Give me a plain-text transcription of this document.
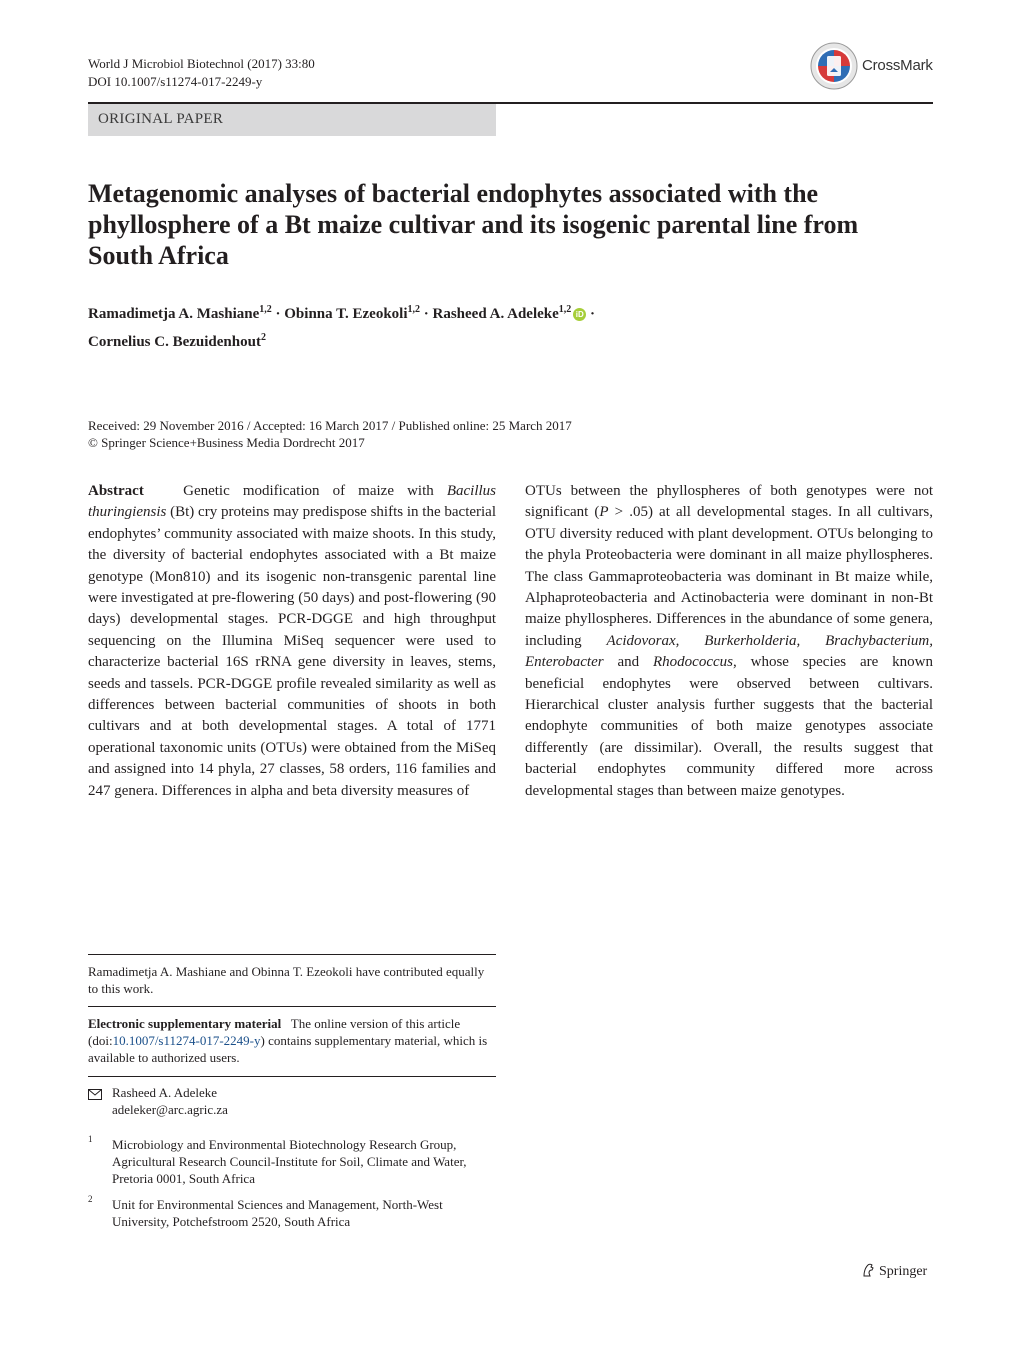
World J Microbiol Biotechnol (2017) 33:80
DOI 10.1007/s11274-017-2249-y
CrossMark
ORIGINAL PAPER
Metagenomic analyses of bacterial endophytes associated with the phyllosphere of a Bt maize cultivar and its isogenic parental line from South Africa
Ramadimetja A. Mashiane$^{1,2}$ · Obinna T. Ezeokoli$^{1,2}$ · Rasheed A. Adeleke$^{1,2}$ iD ·
Cornelius C. Bezuidenhout$^2$
Received: 29 November 2016 / Accepted: 16 March 2017 / Published online: 25 March 2017
© Springer Science+Business Media Dordrecht 2017
Abstract	Genetic modification of maize with Bacillus thuringiensis (Bt) cry proteins may predispose shifts in the bacterial endophytes’ community associated with maize shoots. In this study, the diversity of bacterial endophytes associated with a Bt maize genotype (Mon810) and its isogenic non-transgenic parental line were investigated at pre-flowering (50 days) and post-flowering (90 days) developmental stages. PCR-DGGE and high throughput sequencing on the Illumina MiSeq sequencer were used to characterize bacterial 16S rRNA gene diversity in leaves, stems, seeds and tassels. PCR-DGGE profile revealed similarity as well as differences between bacterial communities of shoots in both cultivars and at both developmental stages. A total of 1771 operational taxonomic units (OTUs) were obtained from the MiSeq and assigned into 14 phyla, 27 classes, 58 orders, 116 families and 247 genera. Differences in alpha and beta diversity measures of
OTUs between the phyllospheres of both genotypes were not significant (P > .05) at all developmental stages. In all cultivars, OTU diversity reduced with plant development. OTUs belonging to the phyla Proteobacteria were dominant in all maize phyllospheres. The class Gammaproteobacteria was dominant in Bt maize while, Alphaproteobacteria and Actinobacteria were dominant in non-Bt maize phyllospheres. Differences in the abundance of some genera, including Acidovorax, Burkerholderia, Brachybacterium, Enterobacter and Rhodococcus, whose species are known beneficial endophytes were observed between cultivars. Hierarchical cluster analysis further suggests that the bacterial endophyte communities of both maize genotypes associate differently (are dissimilar). Overall, the results suggest that bacterial endophytes community differed more across developmental stages than between maize genotypes.
Ramadimetja A. Mashiane and Obinna T. Ezeokoli have contributed equally to this work.
Electronic supplementary material The online version of this article (doi:10.1007/s11274-017-2249-y) contains supplementary material, which is available to authorized users.
Rasheed A. Adeleke
adeleker@arc.agric.za
1 Microbiology and Environmental Biotechnology Research Group, Agricultural Research Council-Institute for Soil, Climate and Water, Pretoria 0001, South Africa
2 Unit for Environmental Sciences and Management, North-West University, Potchefstroom 2520, South Africa
Springer
